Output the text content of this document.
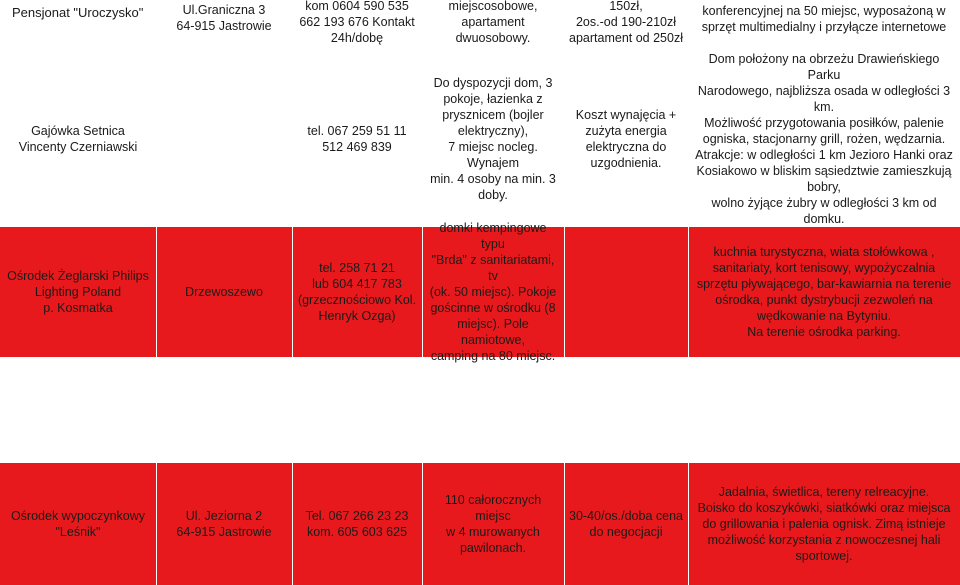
Pensjonat "Uroczysko"	Ul.Graniczna 3
64-915 Jastrowie
kom 0604 590 535
662 193 676 Kontakt
24h/dobę
miejscosobowe,
apartament
dwuosobowy.
150zł,
2os.-od 190-210zł
apartament od 250zł
konferencyjnej na 50 miejsc, wyposażoną w
sprzęt multimedialny i przyłącze internetowe
Gajówka Setnica
Vincenty Czerniawski
tel. 067 259 51 11
512 469 839
Do dyspozycji dom, 3
pokoje, łazienka z
prysznicem (bojler
elektryczny),
7 miejsc nocleg. Wynajem
min. 4 osoby na min. 3
doby.
Koszt wynajęcia +
zużyta energia
elektryczna do
uzgodnienia.
Dom położony na obrzeżu Drawieńskiego Parku
Narodowego, najbliższa osada w odległości 3
km.
Możliwość przygotowania posiłków, palenie
ogniska, stacjonarny grill, rożen, wędzarnia.
Atrakcje: w odległości 1 km Jezioro Hanki oraz
Kosiakowo w bliskim sąsiedztwie zamieszkują
bobry,
wolno żyjące żubry w odległości 3 km od
domku.
Ośrodek Żeglarski Philips
Lighting Poland
p. Kosmatka
Drzewoszewo
tel. 258 71 21
lub 604 417 783
(grzecznościowo Kol.
Henryk Ozga)
domki kempingowe typu
"Brda" z sanitariatami, tv
(ok. 50 miejsc). Pokoje
gościnne w ośrodku (8
miejsc). Pole namiotowe,
camping na 80 miejsc.
kuchnia turystyczna, wiata stołówkowa ,
sanitariaty, kort tenisowy, wypożyczalnia
sprzętu pływającego, bar-kawiarnia na terenie
ośrodka, punkt dystrybucji zezwoleń na
wędkowanie na Bytyniu.
Na terenie ośrodka parking.
Ośrodek wypoczynkowy
"Leśnik"
Ul. Jeziorna 2
64-915 Jastrowie
Tel. 067 266 23 23
kom. 605 603 625
110 całorocznych miejsc
w 4 murowanych
pawilonach.
30-40/os./doba cena
do negocjacji
Jadalnia, świetlica, tereny relreacyjne.
Boisko do koszykówki, siatkówki oraz miejsca
do grillowania i palenia ognisk. Zimą istnieje
możliwość korzystania z nowoczesnej hali
sportowej.
